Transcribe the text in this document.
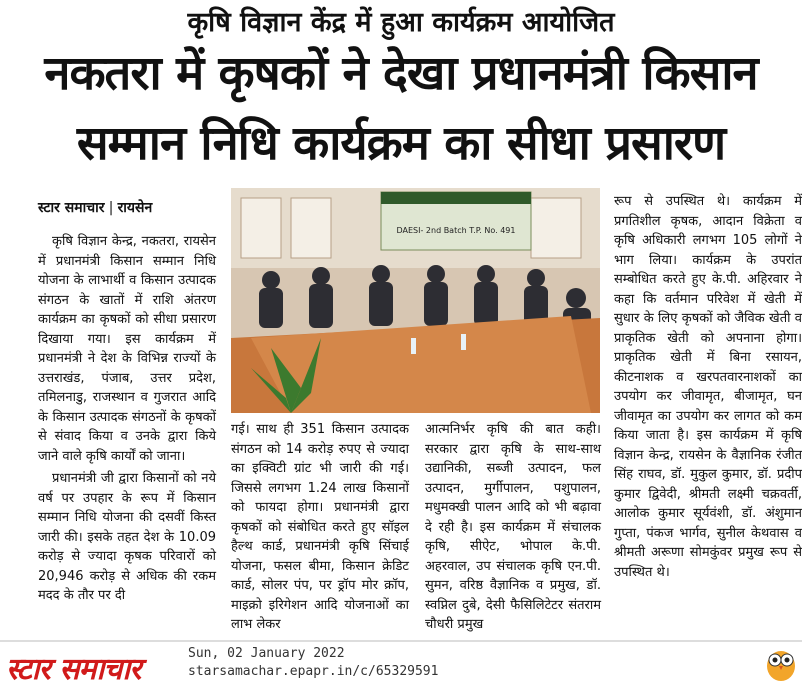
कृषि विज्ञान केंद्र में हुआ कार्यक्रम आयोजित
नकतरा में कृषकों ने देखा प्रधानमंत्री किसान
सम्मान निधि कार्यक्रम का सीधा प्रसारण
स्टार समाचार | रायसेन

कृषि विज्ञान केन्द्र, नकतरा, रायसेन में प्रधानमंत्री किसान सम्मान निधि योजना के लाभार्थी व किसान उत्पादक संगठन के खातों में राशि अंतरण कार्यक्रम का कृषकों को सीधा प्रसारण दिखाया गया। इस कार्यक्रम में प्रधानमंत्री ने देश के विभिन्न राज्यों के उत्तराखंड, पंजाब, उत्तर प्रदेश, तमिलनाडु, राजस्थान व गुजरात आदि के किसान उत्पादक संगठनों के कृषकों से संवाद किया व उनके द्वारा किये जाने वाले कृषि कार्यों को जाना।

प्रधानमंत्री जी द्वारा किसानों को नये वर्ष पर उपहार के रूप में किसान सम्मान निधि योजना की दसवीं किस्त जारी की। इसके तहत देश के 10.09 करोड़ से ज्यादा कृषक परिवारों को 20,946 करोड़ से अधिक की रकम मदद के तौर पर दी

DAESI- 2nd Batch T.P. No. 491

गई। साथ ही 351 किसान उत्पादक संगठन को 14 करोड़ रुपए से ज्यादा का इक्विटी ग्रांट भी जारी की गई। जिससे लगभग 1.24 लाख किसानों को फायदा होगा। प्रधानमंत्री द्वारा कृषकों को संबोधित करते हुए सॉइल हैल्थ कार्ड, प्रधानमंत्री कृषि सिंचाई योजना, फसल बीमा, किसान क्रेडिट कार्ड, सोलर पंप, पर ड्रॉप मोर क्रॉप, माइक्रो इरिगेशन आदि योजनाओं का लाभ लेकर

आत्मनिर्भर कृषि की बात कही। सरकार द्वारा कृषि के साथ-साथ उद्यानिकी, सब्जी उत्पादन, फल उत्पादन, मुर्गीपालन, पशुपालन, मधुमक्खी पालन आदि को भी बढ़ावा दे रही है। इस कार्यक्रम में संचालक कृषि, सीऐट, भोपाल के.पी. अहरवाल, उप संचालक कृषि एन.पी. सुमन, वरिष्ठ वैज्ञानिक व प्रमुख, डॉ. स्वप्निल दुबे, देसी फैसिलिटेटर संतराम चौधरी प्रमुख

रूप से उपस्थित थे। कार्यक्रम में प्रगतिशील कृषक, आदान विक्रेता व कृषि अधिकारी लगभग 105 लोगों ने भाग लिया। कार्यक्रम के उपरांत सम्बोधित करते हुए के.पी. अहिरवार ने कहा कि वर्तमान परिवेश में खेती में सुधार के लिए कृषकों को जैविक खेती व प्राकृतिक खेती को अपनाना होगा। प्राकृतिक खेती में बिना रसायन, कीटनाशक व खरपतवारनाशकों का उपयोग कर जीवामृत, बीजामृत, घन जीवामृत का उपयोग कर लागत को कम किया जाता है। इस कार्यक्रम में कृषि विज्ञान केन्द्र, रायसेन के वैज्ञानिक रंजीत सिंह राघव, डॉ. मुकुल कुमार, डॉ. प्रदीप कुमार द्विवेदी, श्रीमती लक्ष्मी चक्रवर्ती, आलोक कुमार सूर्यवंशी, डॉ. अंशुमान गुप्ता, पंकज भार्गव, सुनील केथवास व श्रीमती अरूणा सोमकुंवर प्रमुख रूप से उपस्थित थे।

स्टार समाचार	Sun, 02 January 2022
starsamachar.epapr.in/c/65329591
